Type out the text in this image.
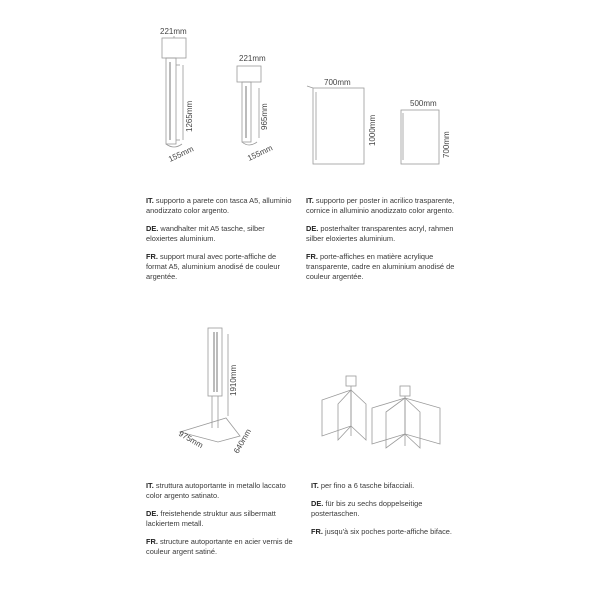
221mm
1265mm
155mm
221mm
965mm
155mm
700mm
1000mm
500mm
700mm
1910mm
975mm	640mm

IT. supporto a parete con tasca A5, alluminio anodizzato color argento.

DE. wandhalter mit A5 tasche, silber eloxiertes aluminium.

FR. support mural avec porte-affiche de format A5, aluminium anodisé de couleur argentée.

IT. supporto per poster in acrilico trasparente, cornice in alluminio anodizzato color argento.

DE. posterhalter transparentes acryl, rahmen silber eloxiertes aluminium.

FR. porte-affiches en matière acrylique transparente, cadre en aluminium anodisé de couleur argentée.

IT. struttura autoportante in metallo laccato color argento satinato.

DE. freistehende struktur aus silbermatt lackiertem metall.

FR. structure autoportante en acier vernis de couleur argent satiné.

IT. per fino a 6 tasche bifacciali.

DE. für bis zu sechs doppelseitige postertaschen.

FR. jusqu'à six poches porte-affiche biface.
